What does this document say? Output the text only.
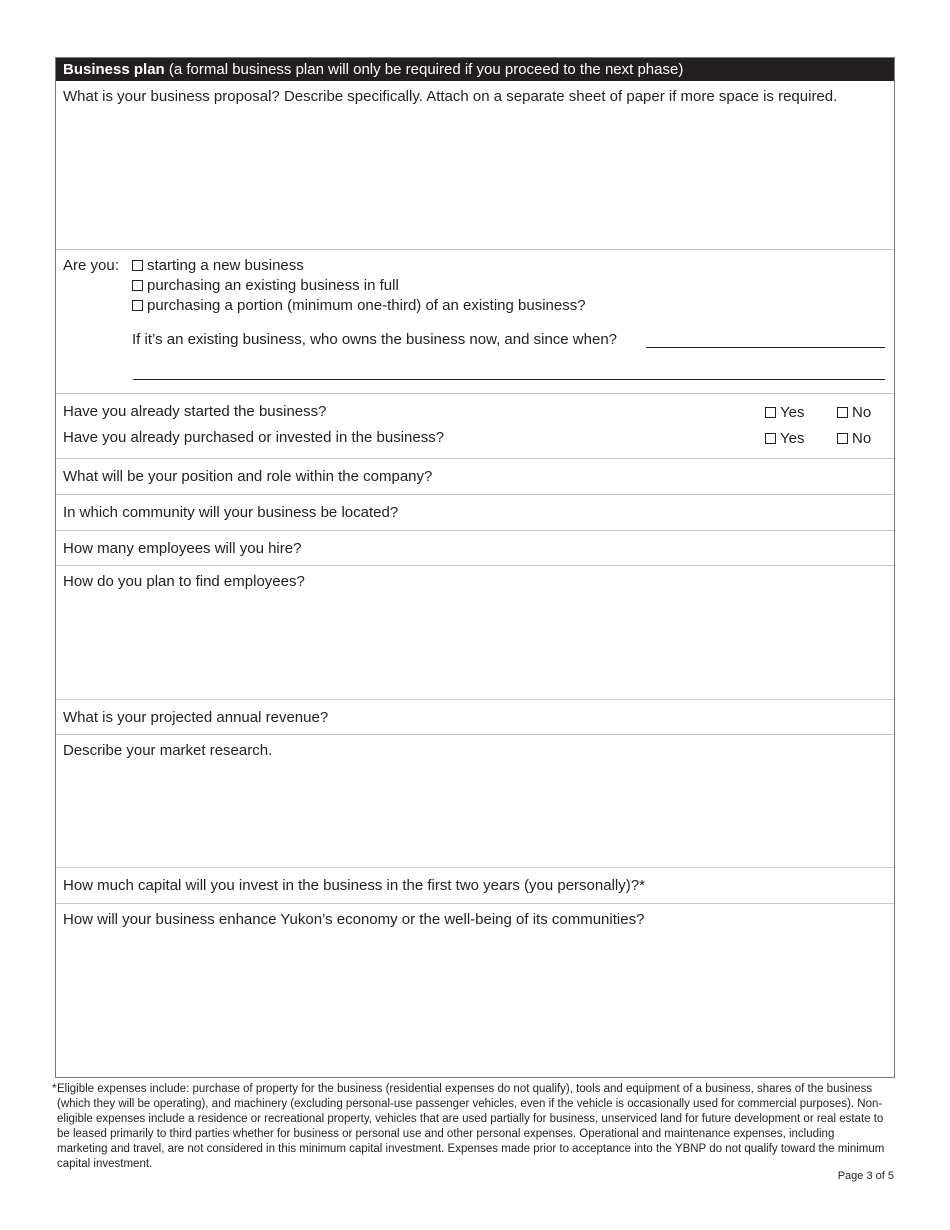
Business plan (a formal business plan will only be required if you proceed to the next phase)
What is your business proposal? Describe specifically. Attach on a separate sheet of paper if more space is required.
Are you:	starting a new business
purchasing an existing business in full
purchasing a portion (minimum one-third) of an existing business?
If it’s an existing business, who owns the business now, and since when?
Have you already started the business?	Yes	No
Have you already purchased or invested in the business?	Yes	No
What will be your position and role within the company?
In which community will your business be located?
How many employees will you hire?
How do you plan to find employees?
What is your projected annual revenue?
Describe your market research.
How much capital will you invest in the business in the first two years (you personally)?*
How will your business enhance Yukon’s economy or the well-being of its communities?
* Eligible expenses include: purchase of property for the business (residential expenses do not qualify), tools and equipment of a business, shares of the business (which they will be operating), and machinery (excluding personal-use passenger vehicles, even if the vehicle is occasionally used for commercial purposes). Non-eligible expenses include a residence or recreational property, vehicles that are used partially for business, unserviced land for future development or real estate to be leased primarily to third parties whether for business or personal use and other personal expenses. Operational and maintenance expenses, including marketing and travel, are not considered in this minimum capital investment. Expenses made prior to acceptance into the YBNP do not qualify toward the minimum capital investment.
Page 3 of 5
